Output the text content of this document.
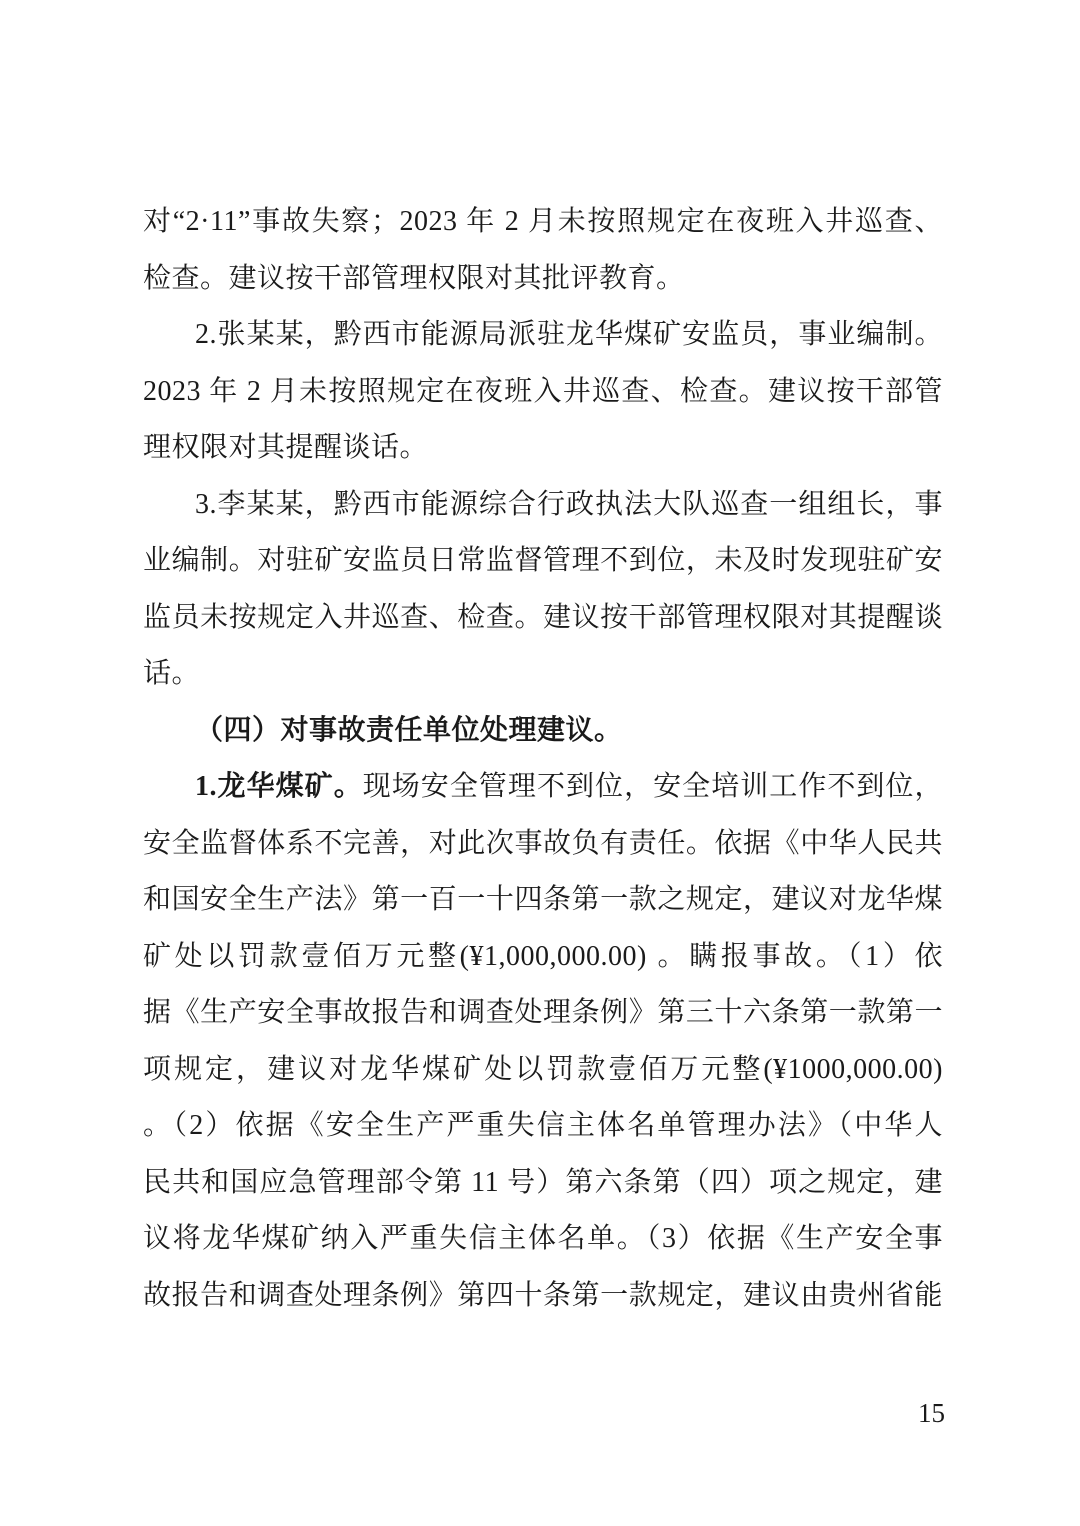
对“2·11”事故失察；2023 年 2 月未按照规定在夜班入井巡查、
检查。建议按干部管理权限对其批评教育。
2.张某某，黔西市能源局派驻龙华煤矿安监员，事业编制。
2023 年 2 月未按照规定在夜班入井巡查、检查。建议按干部管
理权限对其提醒谈话。
3.李某某，黔西市能源综合行政执法大队巡查一组组长，事
业编制。对驻矿安监员日常监督管理不到位，未及时发现驻矿安
监员未按规定入井巡查、检查。建议按干部管理权限对其提醒谈
话。
（四）对事故责任单位处理建议。
1.龙华煤矿。现场安全管理不到位，安全培训工作不到位，
安全监督体系不完善，对此次事故负有责任。依据《中华人民共
和国安全生产法》第一百一十四条第一款之规定，建议对龙华煤
矿处以罚款壹佰万元整(¥1,000,000.00) 。瞒报事故。（1）依
据《生产安全事故报告和调查处理条例》第三十六条第一款第一
项规定，建议对龙华煤矿处以罚款壹佰万元整(¥1000,000.00)
。（2）依据《安全生产严重失信主体名单管理办法》（中华人
民共和国应急管理部令第 11 号）第六条第（四）项之规定，建
议将龙华煤矿纳入严重失信主体名单。（3）依据《生产安全事
故报告和调查处理条例》第四十条第一款规定，建议由贵州省能
15
